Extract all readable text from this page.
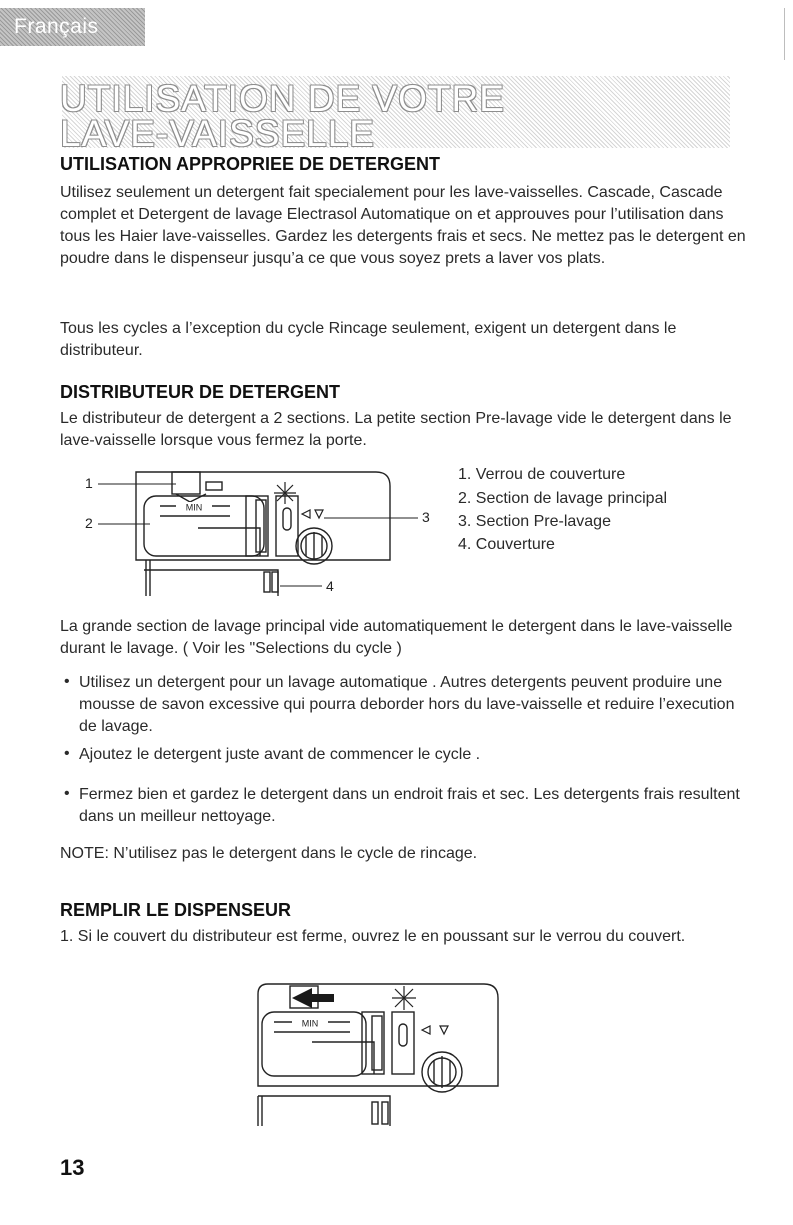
Français
UTILISATION DE VOTRE
LAVE-VAISSELLE
UTILISATION APPROPRIEE DE DETERGENT

Utilisez seulement un detergent fait specialement pour les lave-vaisselles. Cascade, Cascade complet et Detergent de lavage Electrasol Automatique on et approuves pour l’utilisation dans tous les Haier lave-vaisselles. Gardez les detergents frais et secs. Ne mettez pas le detergent en poudre dans le dispenseur jusqu’a ce que vous soyez prets a laver vos plats.

Tous les cycles a l’exception du cycle Rincage seulement, exigent un detergent dans le distributeur.

DISTRIBUTEUR DE DETERGENT

Le distributeur de detergent a 2 sections. La petite section Pre-lavage vide le detergent dans le lave-vaisselle lorsque vous fermez la porte.

MIN
1
2	3
4
1. Verrou de couverture
2. Section de lavage principal
3. Section Pre-lavage
4. Couverture

La grande section de lavage principal vide automatiquement le detergent dans le lave-vaisselle durant le lavage. ( Voir les "Selections du cycle )

• Utilisez un detergent pour un lavage automatique . Autres detergents peuvent produire une mousse de savon excessive qui pourra deborder hors du lave-vaisselle et reduire l’execution de lavage.
• Ajoutez le detergent juste avant de commencer le cycle .
• Fermez bien et gardez le detergent dans un endroit frais et sec. Les detergents frais resultent dans un meilleur nettoyage.

NOTE: N’utilisez pas le detergent dans le cycle de rincage.

REMPLIR LE DISPENSEUR

1. Si le couvert du distributeur est ferme, ouvrez le en poussant sur le verrou du couvert.

MIN
13
